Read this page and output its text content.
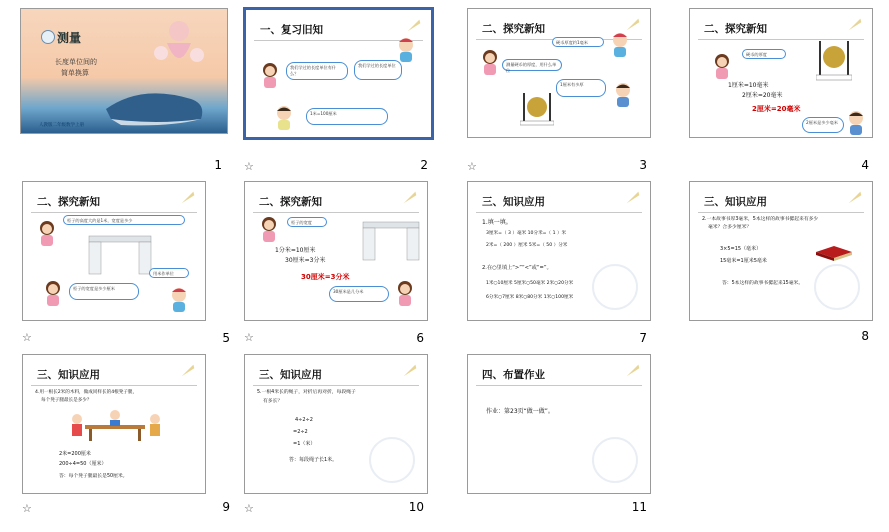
测量
长度单位间的
简单换算
人教版二年级数学上册
1
一、复习旧知
我们学过的长度单位有什么？
我们学过的长度单位
1米=100厘米
☆	2
二、探究新知
硬币厚度约1毫米
测量硬币的厚度，用什么单位
1厘米有多厚
☆	3
二、探究新知
硬币的厚度
1厘米=10毫米
2厘米=20毫米
2厘米=20毫米
2厘米是多少毫米
4
二、探究新知
柜子的高度大约是1米，宽度是多少
柜子的宽度是多少厘米
用米作单位
☆	5
二、探究新知
柜子的宽度
1分米=10厘米
30厘米=3分米
30厘米=3分米
30厘米是几分米
☆	6
三、知识应用
1.填一填。
3厘米=（ 3 ）毫米 10分米=（ 1 ）米
2米=（ 200 ）厘米 5米=（ 50 ）分米
2.在○里填上“>”“<”或“=”。
1米○10厘米 5厘米○50毫米 2米○20分米
6分米○7厘米 8米○80分米 1米○100厘米
7
三、知识应用
2.一本故事书厚3毫米，5本这样的故事书摞起来有多少
毫米？合多少厘米？
3×5=15（毫米）
15毫米=1厘米5毫米
答：5本这样的故事书摞起来15毫米。
8
三、知识应用
4.用一根长2米的木料，做成同样长的4根凳子腿，
每个凳子腿最长是多少？
2米=200厘米
200÷4=50（厘米）
答：每个凳子腿最长是50厘米。
☆	9
三、知识应用
5.一根4米长的绳子，对折后再对折，每段绳子
有多长？
4÷2÷2
=2÷2
=1（米）
答：每段绳子长1米。
☆	10
四、布置作业
作业：第23页“做一做”。
11
